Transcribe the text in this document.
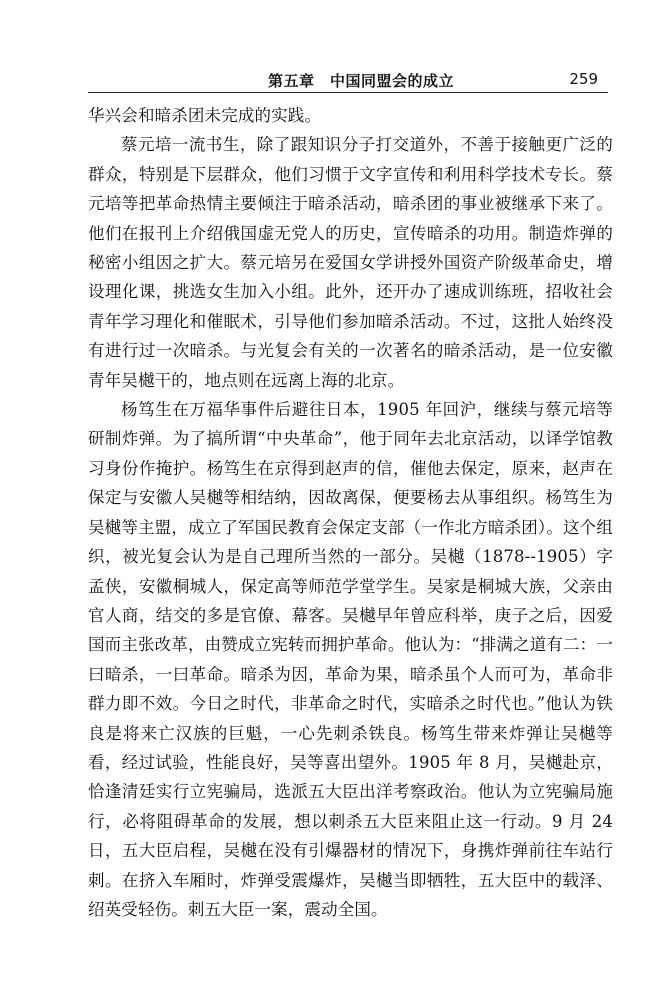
第五章　中国同盟会的成立	259

华兴会和暗杀团未完成的实践。

蔡元培一流书生，除了跟知识分子打交道外，不善于接触更广泛的群众，特别是下层群众，他们习惯于文字宣传和利用科学技术专长。蔡元培等把革命热情主要倾注于暗杀活动，暗杀团的事业被继承下来了。他们在报刊上介绍俄国虚无党人的历史，宣传暗杀的功用。制造炸弹的秘密小组因之扩大。蔡元培另在爱国女学讲授外国资产阶级革命史，增设理化课，挑选女生加入小组。此外，还开办了速成训练班，招收社会青年学习理化和催眠术，引导他们参加暗杀活动。不过，这批人始终没有进行过一次暗杀。与光复会有关的一次著名的暗杀活动，是一位安徽青年吴樾干的，地点则在远离上海的北京。

杨笃生在万福华事件后避往日本，1905 年回沪，继续与蔡元培等研制炸弹。为了搞所谓“中央革命”，他于同年去北京活动，以译学馆教习身份作掩护。杨笃生在京得到赵声的信，催他去保定，原来，赵声在保定与安徽人吴樾等相结纳，因故离保，便要杨去从事组织。杨笃生为吴樾等主盟，成立了军国民教育会保定支部（一作北方暗杀团）。这个组织，被光复会认为是自己理所当然的一部分。吴樾（1878--1905）字孟侠，安徽桐城人，保定高等师范学堂学生。吴家是桐城大族，父亲由官人商，结交的多是官僚、幕客。吴樾早年曾应科举，庚子之后，因爱国而主张改革，由赞成立宪转而拥护革命。他认为：“排满之道有二：一曰暗杀，一曰革命。暗杀为因，革命为果，暗杀虽个人而可为，革命非群力即不效。今日之时代，非革命之时代，实暗杀之时代也。”他认为铁良是将来亡汉族的巨魁，一心先刺杀铁良。杨笃生带来炸弹让吴樾等看，经过试验，性能良好，吴等喜出望外。1905 年 8 月，吴樾赴京，恰逢清廷实行立宪骗局，选派五大臣出洋考察政治。他认为立宪骗局施行，必将阻碍革命的发展，想以刺杀五大臣来阻止这一行动。9 月 24 日，五大臣启程，吴樾在没有引爆器材的情况下，身携炸弹前往车站行刺。在挤入车厢时，炸弹受震爆炸，吴樾当即牺牲，五大臣中的载泽、绍英受轻伤。刺五大臣一案，震动全国。
